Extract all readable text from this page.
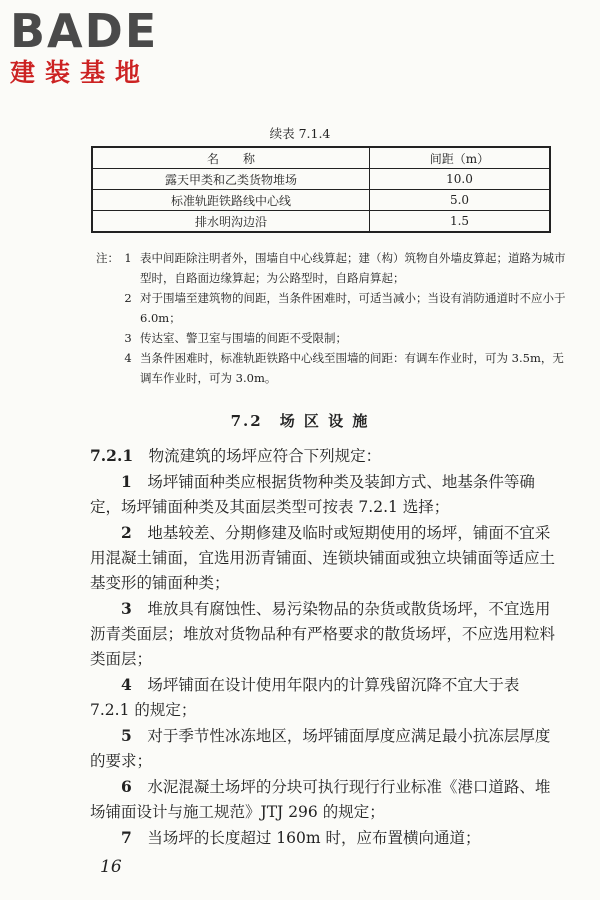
BADE
建装基地
续表 7.1.4
名　　称	间距（m）
露天甲类和乙类货物堆场	10.0
标准轨距铁路线中心线	5.0
排水明沟边沿	1.5
注： 1 表中间距除注明者外，围墙自中心线算起；建（构）筑物自外墙皮算起；道路为城市型时，自路面边缘算起；为公路型时，自路肩算起；
2 对于围墙至建筑物的间距，当条件困难时，可适当减小；当设有消防通道时不应小于 6.0m；
3 传达室、警卫室与围墙的间距不受限制；
4 当条件困难时，标准轨距铁路中心线至围墙的间距：有调车作业时，可为 3.5m，无调车作业时，可为 3.0m。
7.2　场 区 设 施

7.2.1　 物流建筑的场坪应符合下列规定：

1　 场坪铺面种类应根据货物种类及装卸方式、地基条件等确定，场坪铺面种类及其面层类型可按表 7.2.1 选择；

2　 地基较差、分期修建及临时或短期使用的场坪，铺面不宜采用混凝土铺面，宜选用沥青铺面、连锁块铺面或独立块铺面等适应土基变形的铺面种类；

3　 堆放具有腐蚀性、易污染物品的杂货或散货场坪，不宜选用沥青类面层；堆放对货物品种有严格要求的散货场坪，不应选用粒料类面层；

4　 场坪铺面在设计使用年限内的计算残留沉降不宜大于表 7.2.1 的规定；

5　 对于季节性冰冻地区，场坪铺面厚度应满足最小抗冻层厚度的要求；

6　 水泥混凝土场坪的分块可执行现行行业标准《港口道路、堆场铺面设计与施工规范》JTJ 296 的规定；

7　 当场坪的长度超过 160m 时，应布置横向通道；

16
